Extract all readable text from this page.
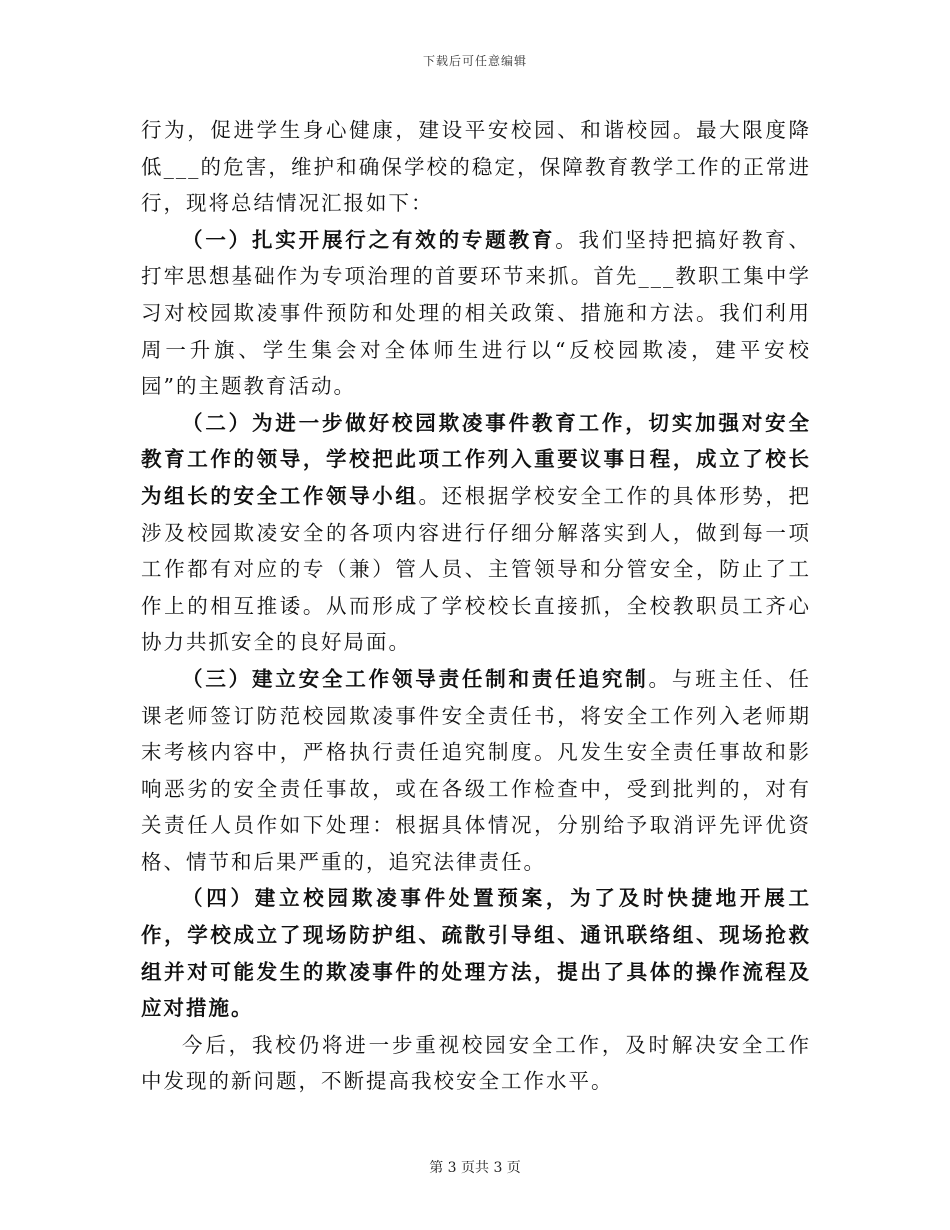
下载后可任意编辑

行为，促进学生身心健康，建设平安校园、和谐校园。最大限度降低___的危害，维护和确保学校的稳定，保障教育教学工作的正常进行，现将总结情况汇报如下：

（一）扎实开展行之有效的专题教育。我们坚持把搞好教育、打牢思想基础作为专项治理的首要环节来抓。首先___教职工集中学习对校园欺凌事件预防和处理的相关政策、措施和方法。我们利用周一升旗、学生集会对全体师生进行以“反校园欺凌，建平安校园”的主题教育活动。

（二）为进一步做好校园欺凌事件教育工作，切实加强对安全教育工作的领导，学校把此项工作列入重要议事日程，成立了校长为组长的安全工作领导小组。还根据学校安全工作的具体形势，把涉及校园欺凌安全的各项内容进行仔细分解落实到人，做到每一项工作都有对应的专（兼）管人员、主管领导和分管安全，防止了工作上的相互推诿。从而形成了学校校长直接抓，全校教职员工齐心协力共抓安全的良好局面。

（三）建立安全工作领导责任制和责任追究制。与班主任、任课老师签订防范校园欺凌事件安全责任书，将安全工作列入老师期末考核内容中，严格执行责任追究制度。凡发生安全责任事故和影响恶劣的安全责任事故，或在各级工作检查中，受到批判的，对有关责任人员作如下处理：根据具体情况，分别给予取消评先评优资格、情节和后果严重的，追究法律责任。

（四）建立校园欺凌事件处置预案，为了及时快捷地开展工作，学校成立了现场防护组、疏散引导组、通讯联络组、现场抢救组并对可能发生的欺凌事件的处理方法，提出了具体的操作流程及应对措施。

今后，我校仍将进一步重视校园安全工作，及时解决安全工作中发现的新问题，不断提高我校安全工作水平。

第 3 页共 3 页
